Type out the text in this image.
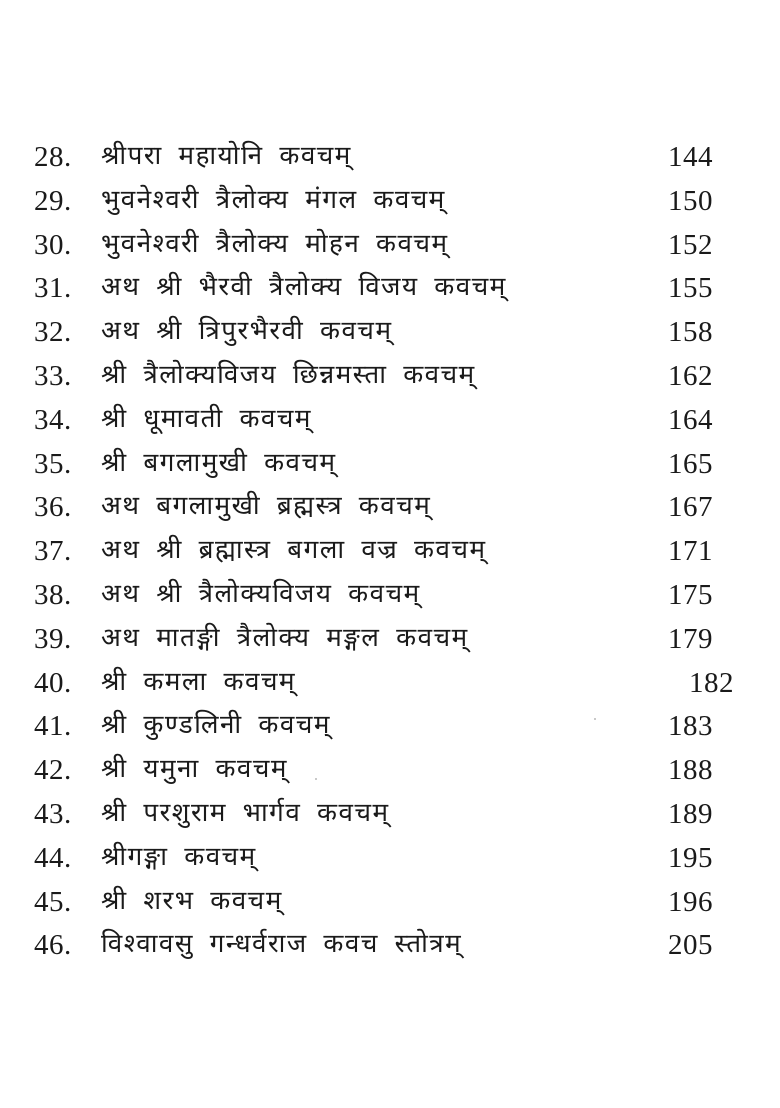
28. श्रीपरा महायोनि कवचम्	144
29. भुवनेश्वरी त्रैलोक्य मंगल कवचम्	150
30. भुवनेश्वरी त्रैलोक्य मोहन कवचम्	152
31. अथ श्री भैरवी त्रैलोक्य विजय कवचम्	155
32. अथ श्री त्रिपुरभैरवी कवचम्	158
33. श्री त्रैलोक्यविजय छिन्नमस्ता कवचम्	162
34. श्री धूमावती कवचम्	164
35. श्री बगलामुखी कवचम्	165
36. अथ बगलामुखी ब्रह्मस्त्र कवचम्	167
37. अथ श्री ब्रह्मास्त्र बगला वज्र कवचम्	171
38. अथ श्री त्रैलोक्यविजय कवचम्	175
39. अथ मातङ्गी त्रैलोक्य मङ्गल कवचम्	179
40. श्री कमला कवचम्	182
41. श्री कुण्डलिनी कवचम्	183
42. श्री यमुना कवचम्	188
43. श्री परशुराम भार्गव कवचम्	189
44. श्रीगङ्गा कवचम्	195
45. श्री शरभ कवचम्	196
46. विश्वावसु गन्धर्वराज कवच स्तोत्रम्	205
